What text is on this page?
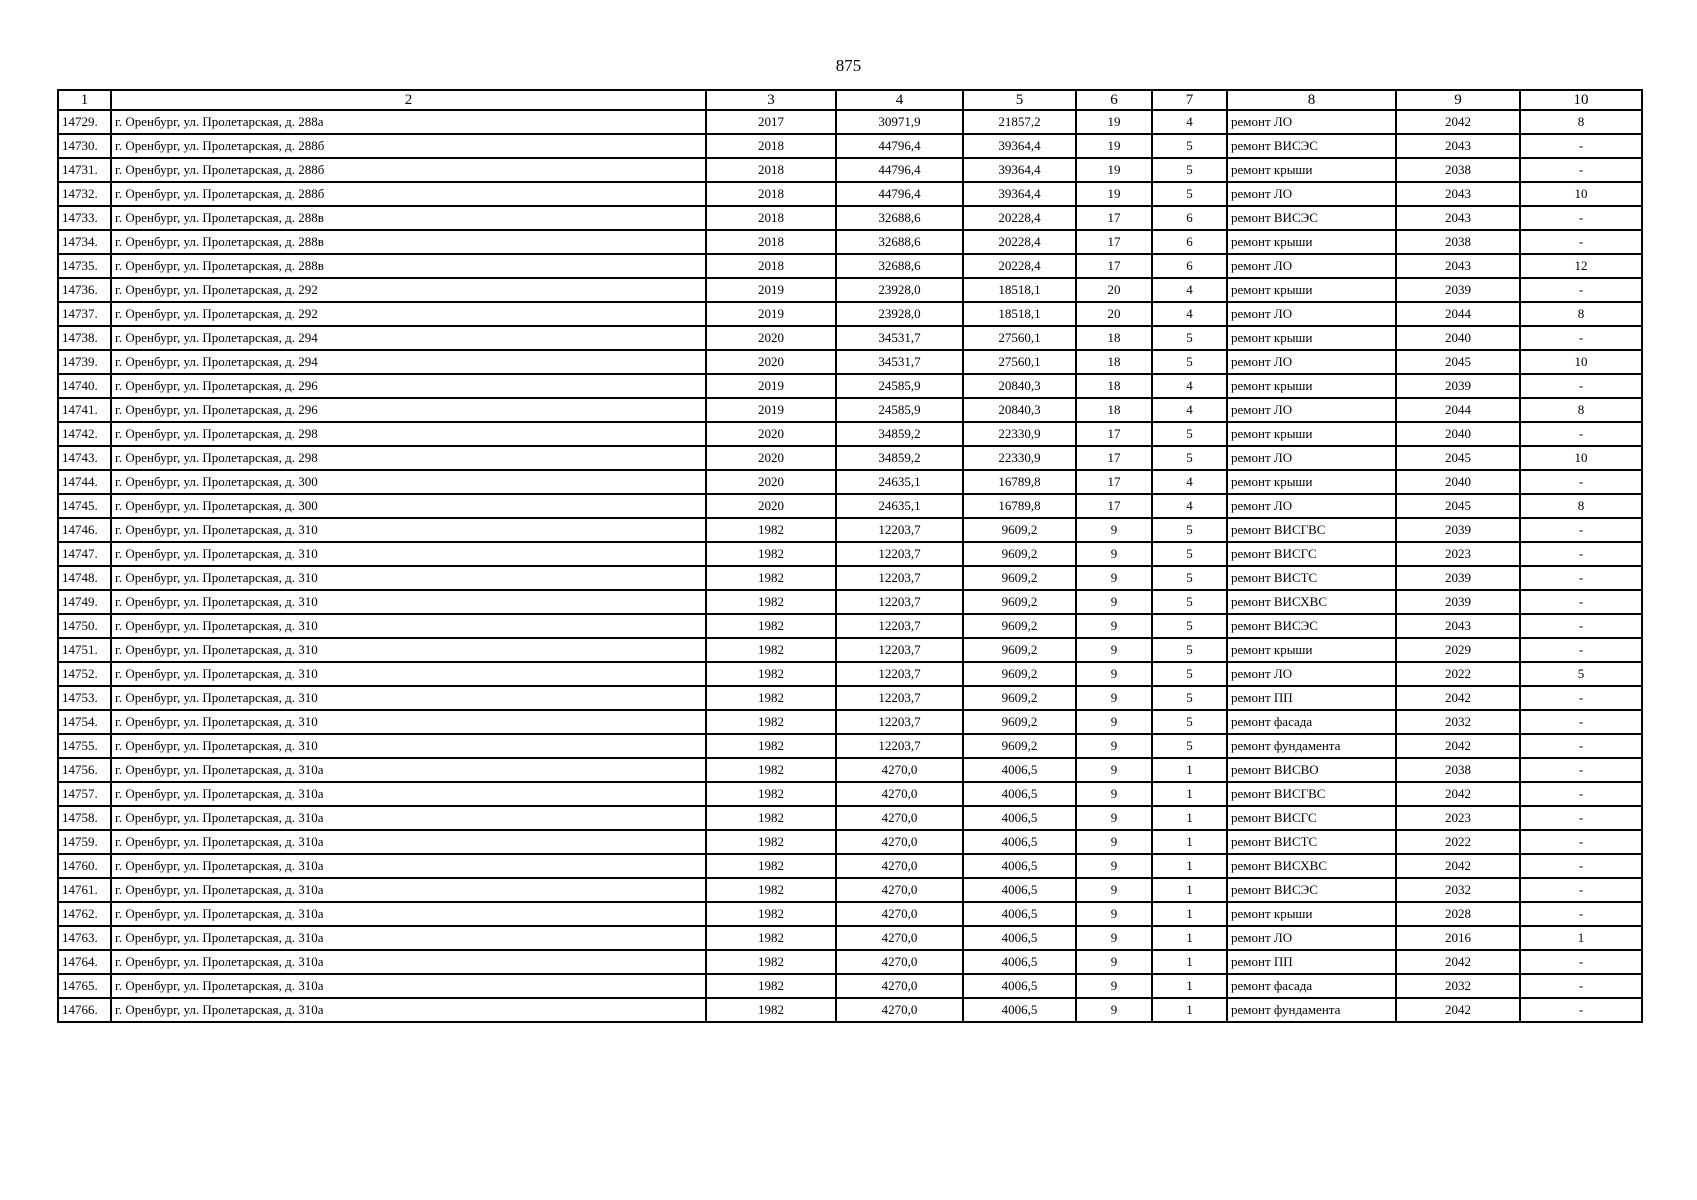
875
1	2	3	4	5	6	7	8	9	10
14729.	г. Оренбург, ул. Пролетарская, д. 288а	2017	30971,9	21857,2	19	4	ремонт ЛО	2042	8
14730.	г. Оренбург, ул. Пролетарская, д. 288б	2018	44796,4	39364,4	19	5	ремонт ВИСЭС	2043	-
14731.	г. Оренбург, ул. Пролетарская, д. 288б	2018	44796,4	39364,4	19	5	ремонт крыши	2038	-
14732.	г. Оренбург, ул. Пролетарская, д. 288б	2018	44796,4	39364,4	19	5	ремонт ЛО	2043	10
14733.	г. Оренбург, ул. Пролетарская, д. 288в	2018	32688,6	20228,4	17	6	ремонт ВИСЭС	2043	-
14734.	г. Оренбург, ул. Пролетарская, д. 288в	2018	32688,6	20228,4	17	6	ремонт крыши	2038	-
14735.	г. Оренбург, ул. Пролетарская, д. 288в	2018	32688,6	20228,4	17	6	ремонт ЛО	2043	12
14736.	г. Оренбург, ул. Пролетарская, д. 292	2019	23928,0	18518,1	20	4	ремонт крыши	2039	-
14737.	г. Оренбург, ул. Пролетарская, д. 292	2019	23928,0	18518,1	20	4	ремонт ЛО	2044	8
14738.	г. Оренбург, ул. Пролетарская, д. 294	2020	34531,7	27560,1	18	5	ремонт крыши	2040	-
14739.	г. Оренбург, ул. Пролетарская, д. 294	2020	34531,7	27560,1	18	5	ремонт ЛО	2045	10
14740.	г. Оренбург, ул. Пролетарская, д. 296	2019	24585,9	20840,3	18	4	ремонт крыши	2039	-
14741.	г. Оренбург, ул. Пролетарская, д. 296	2019	24585,9	20840,3	18	4	ремонт ЛО	2044	8
14742.	г. Оренбург, ул. Пролетарская, д. 298	2020	34859,2	22330,9	17	5	ремонт крыши	2040	-
14743.	г. Оренбург, ул. Пролетарская, д. 298	2020	34859,2	22330,9	17	5	ремонт ЛО	2045	10
14744.	г. Оренбург, ул. Пролетарская, д. 300	2020	24635,1	16789,8	17	4	ремонт крыши	2040	-
14745.	г. Оренбург, ул. Пролетарская, д. 300	2020	24635,1	16789,8	17	4	ремонт ЛО	2045	8
14746.	г. Оренбург, ул. Пролетарская, д. 310	1982	12203,7	9609,2	9	5	ремонт ВИСГВС	2039	-
14747.	г. Оренбург, ул. Пролетарская, д. 310	1982	12203,7	9609,2	9	5	ремонт ВИСГС	2023	-
14748.	г. Оренбург, ул. Пролетарская, д. 310	1982	12203,7	9609,2	9	5	ремонт ВИСТС	2039	-
14749.	г. Оренбург, ул. Пролетарская, д. 310	1982	12203,7	9609,2	9	5	ремонт ВИСХВС	2039	-
14750.	г. Оренбург, ул. Пролетарская, д. 310	1982	12203,7	9609,2	9	5	ремонт ВИСЭС	2043	-
14751.	г. Оренбург, ул. Пролетарская, д. 310	1982	12203,7	9609,2	9	5	ремонт крыши	2029	-
14752.	г. Оренбург, ул. Пролетарская, д. 310	1982	12203,7	9609,2	9	5	ремонт ЛО	2022	5
14753.	г. Оренбург, ул. Пролетарская, д. 310	1982	12203,7	9609,2	9	5	ремонт ПП	2042	-
14754.	г. Оренбург, ул. Пролетарская, д. 310	1982	12203,7	9609,2	9	5	ремонт фасада	2032	-
14755.	г. Оренбург, ул. Пролетарская, д. 310	1982	12203,7	9609,2	9	5	ремонт фундамента	2042	-
14756.	г. Оренбург, ул. Пролетарская, д. 310а	1982	4270,0	4006,5	9	1	ремонт ВИСВО	2038	-
14757.	г. Оренбург, ул. Пролетарская, д. 310а	1982	4270,0	4006,5	9	1	ремонт ВИСГВС	2042	-
14758.	г. Оренбург, ул. Пролетарская, д. 310а	1982	4270,0	4006,5	9	1	ремонт ВИСГС	2023	-
14759.	г. Оренбург, ул. Пролетарская, д. 310а	1982	4270,0	4006,5	9	1	ремонт ВИСТС	2022	-
14760.	г. Оренбург, ул. Пролетарская, д. 310а	1982	4270,0	4006,5	9	1	ремонт ВИСХВС	2042	-
14761.	г. Оренбург, ул. Пролетарская, д. 310а	1982	4270,0	4006,5	9	1	ремонт ВИСЭС	2032	-
14762.	г. Оренбург, ул. Пролетарская, д. 310а	1982	4270,0	4006,5	9	1	ремонт крыши	2028	-
14763.	г. Оренбург, ул. Пролетарская, д. 310а	1982	4270,0	4006,5	9	1	ремонт ЛО	2016	1
14764.	г. Оренбург, ул. Пролетарская, д. 310а	1982	4270,0	4006,5	9	1	ремонт ПП	2042	-
14765.	г. Оренбург, ул. Пролетарская, д. 310а	1982	4270,0	4006,5	9	1	ремонт фасада	2032	-
14766.	г. Оренбург, ул. Пролетарская, д. 310а	1982	4270,0	4006,5	9	1	ремонт фундамента	2042	-
